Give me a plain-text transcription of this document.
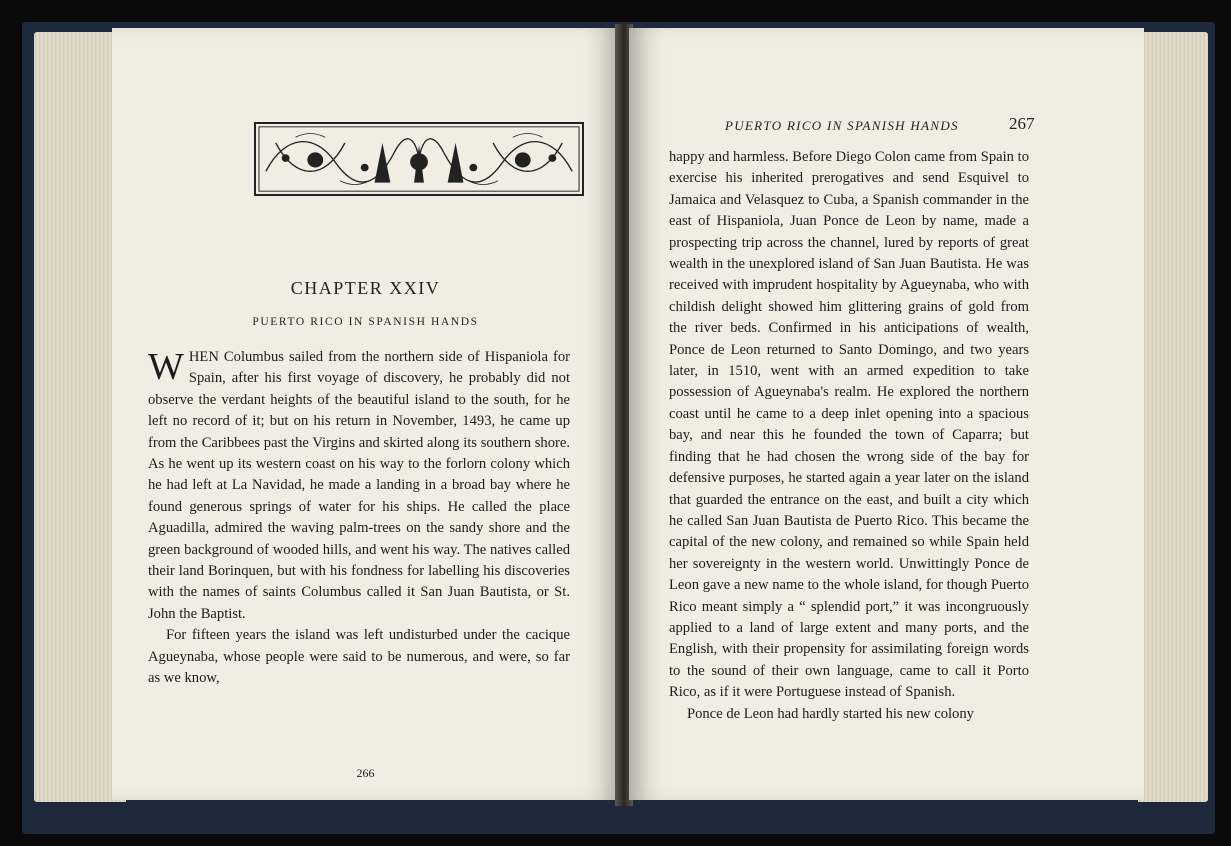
CHAPTER XXIV
PUERTO RICO IN SPANISH HANDS

WHEN Columbus sailed from the northern side of Hispaniola for Spain, after his first voyage of discovery, he probably did not observe the verdant heights of the beautiful island to the south, for he left no record of it; but on his return in November, 1493, he came up from the Caribbees past the Virgins and skirted along its southern shore. As he went up its western coast on his way to the forlorn colony which he had left at La Navidad, he made a landing in a broad bay where he found generous springs of water for his ships. He called the place Aguadilla, admired the waving palm-trees on the sandy shore and the green background of wooded hills, and went his way. The natives called their land Borinquen, but with his fondness for labelling his discoveries with the names of saints Columbus called it San Juan Bautista, or St. John the Baptist.

For fifteen years the island was left undisturbed under the cacique Agueynaba, whose people were said to be numerous, and were, so far as we know,

266
PUERTO RICO IN SPANISH HANDS	267

happy and harmless. Before Diego Colon came from Spain to exercise his inherited prerogatives and send Esquivel to Jamaica and Velasquez to Cuba, a Spanish commander in the east of Hispaniola, Juan Ponce de Leon by name, made a prospecting trip across the channel, lured by reports of great wealth in the unexplored island of San Juan Bautista. He was received with imprudent hospitality by Agueynaba, who with childish delight showed him glittering grains of gold from the river beds. Confirmed in his anticipations of wealth, Ponce de Leon returned to Santo Domingo, and two years later, in 1510, went with an armed expedition to take possession of Agueynaba's realm. He explored the northern coast until he came to a deep inlet opening into a spacious bay, and near this he founded the town of Caparra; but finding that he had chosen the wrong side of the bay for defensive purposes, he started again a year later on the island that guarded the entrance on the east, and built a city which he called San Juan Bautista de Puerto Rico. This became the capital of the new colony, and remained so while Spain held her sovereignty in the western world. Unwittingly Ponce de Leon gave a new name to the whole island, for though Puerto Rico meant simply a “ splendid port,” it was incongruously applied to a land of large extent and many ports, and the English, with their propensity for assimilating foreign words to the sound of their own language, came to call it Porto Rico, as if it were Portuguese instead of Spanish.

Ponce de Leon had hardly started his new colony
